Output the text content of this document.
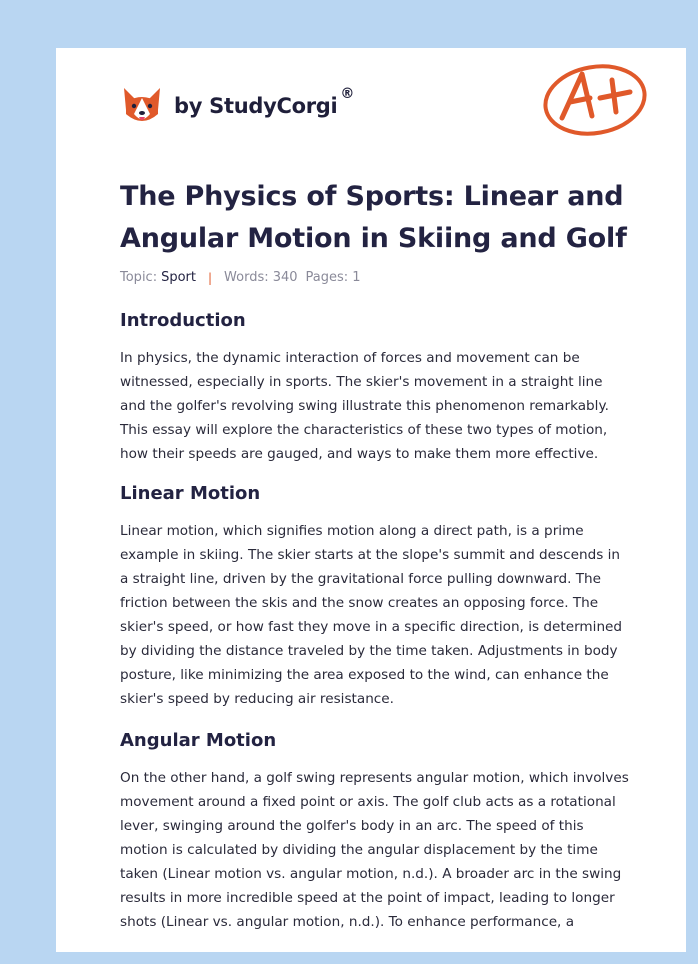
by StudyCorgi ®
The Physics of Sports: Linear and Angular Motion in Skiing and Golf
Topic: Sport | Words: 340 Pages: 1
Introduction

In physics, the dynamic interaction of forces and movement can be witnessed, especially in sports. The skier's movement in a straight line and the golfer's revolving swing illustrate this phenomenon remarkably. This essay will explore the characteristics of these two types of motion, how their speeds are gauged, and ways to make them more effective.

Linear Motion

Linear motion, which signifies motion along a direct path, is a prime example in skiing. The skier starts at the slope's summit and descends in a straight line, driven by the gravitational force pulling downward. The friction between the skis and the snow creates an opposing force. The skier's speed, or how fast they move in a specific direction, is determined by dividing the distance traveled by the time taken. Adjustments in body posture, like minimizing the area exposed to the wind, can enhance the skier's speed by reducing air resistance.

Angular Motion

On the other hand, a golf swing represents angular motion, which involves movement around a fixed point or axis. The golf club acts as a rotational lever, swinging around the golfer's body in an arc. The speed of this motion is calculated by dividing the angular displacement by the time taken (Linear motion vs. angular motion, n.d.). A broader arc in the swing results in more incredible speed at the point of impact, leading to longer shots (Linear vs. angular motion, n.d.). To enhance performance, a
